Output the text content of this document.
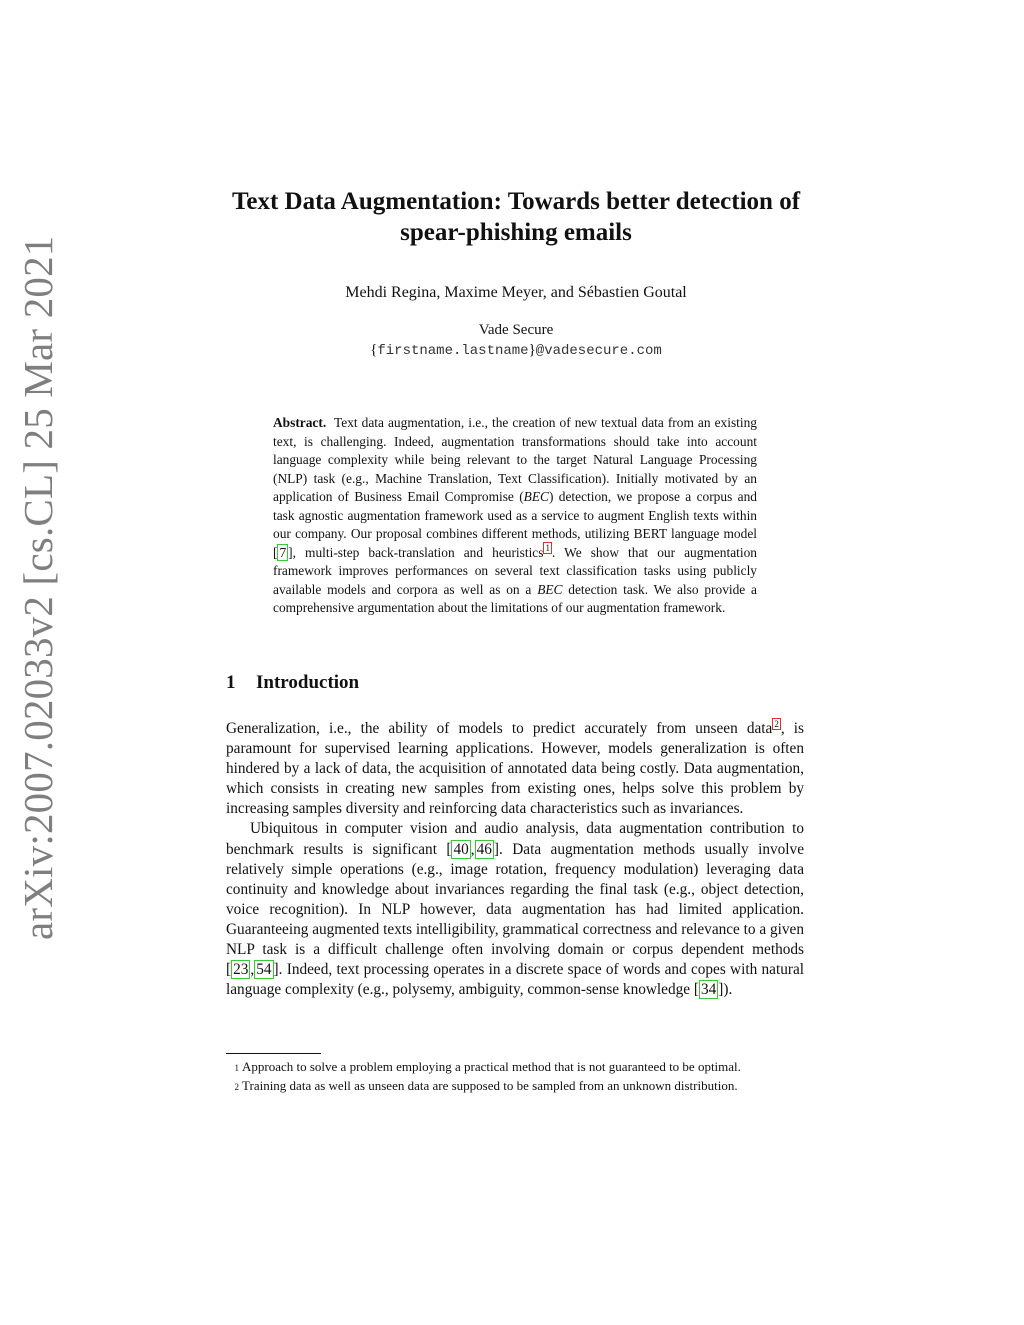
arXiv:2007.02033v2 [cs.CL] 25 Mar 2021
Text Data Augmentation: Towards better detection of
spear-phishing emails
Mehdi Regina, Maxime Meyer, and Sébastien Goutal
Vade Secure
{firstname.lastname}@vadesecure.com
Abstract. Text data augmentation, i.e., the creation of new textual data from an existing text, is challenging. Indeed, augmentation transformations should take into account language complexity while being relevant to the target Natural Language Processing (NLP) task (e.g., Machine Translation, Text Classification). Initially motivated by an application of Business Email Compromise (BEC) detection, we propose a corpus and task agnostic augmentation framework used as a service to augment English texts within our company. Our proposal combines different methods, utilizing BERT language model [ 7 ], multi-step back-translation and heuristics $^1$ . We show that our augmentation framework improves performances on several text classification tasks using publicly available models and corpora as well as on a BEC detection task. We also provide a comprehensive argumentation about the limitations of our augmentation framework.
1 Introduction

Generalization, i.e., the ability of models to predict accurately from unseen data $^2$ , is paramount for supervised learning applications. However, models generalization is often hindered by a lack of data, the acquisition of annotated data being costly. Data augmentation, which consists in creating new samples from existing ones, helps solve this problem by increasing samples diversity and reinforcing data characteristics such as invariances.

Ubiquitous in computer vision and audio analysis, data augmentation contribution to benchmark results is significant [ 40 , 46 ]. Data augmentation methods usually involve relatively simple operations (e.g., image rotation, frequency modulation) leveraging data continuity and knowledge about invariances regarding the final task (e.g., object detection, voice recognition). In NLP however, data augmentation has had limited application. Guaranteeing augmented texts intelligibility, grammatical correctness and relevance to a given NLP task is a difficult challenge often involving domain or corpus dependent methods [ 23 , 54 ]. Indeed, text processing operates in a discrete space of words and copes with natural language complexity (e.g., polysemy, ambiguity, common-sense knowledge [ 34 ]).

1 Approach to solve a problem employing a practical method that is not guaranteed to be optimal.
2 Training data as well as unseen data are supposed to be sampled from an unknown distribution.
